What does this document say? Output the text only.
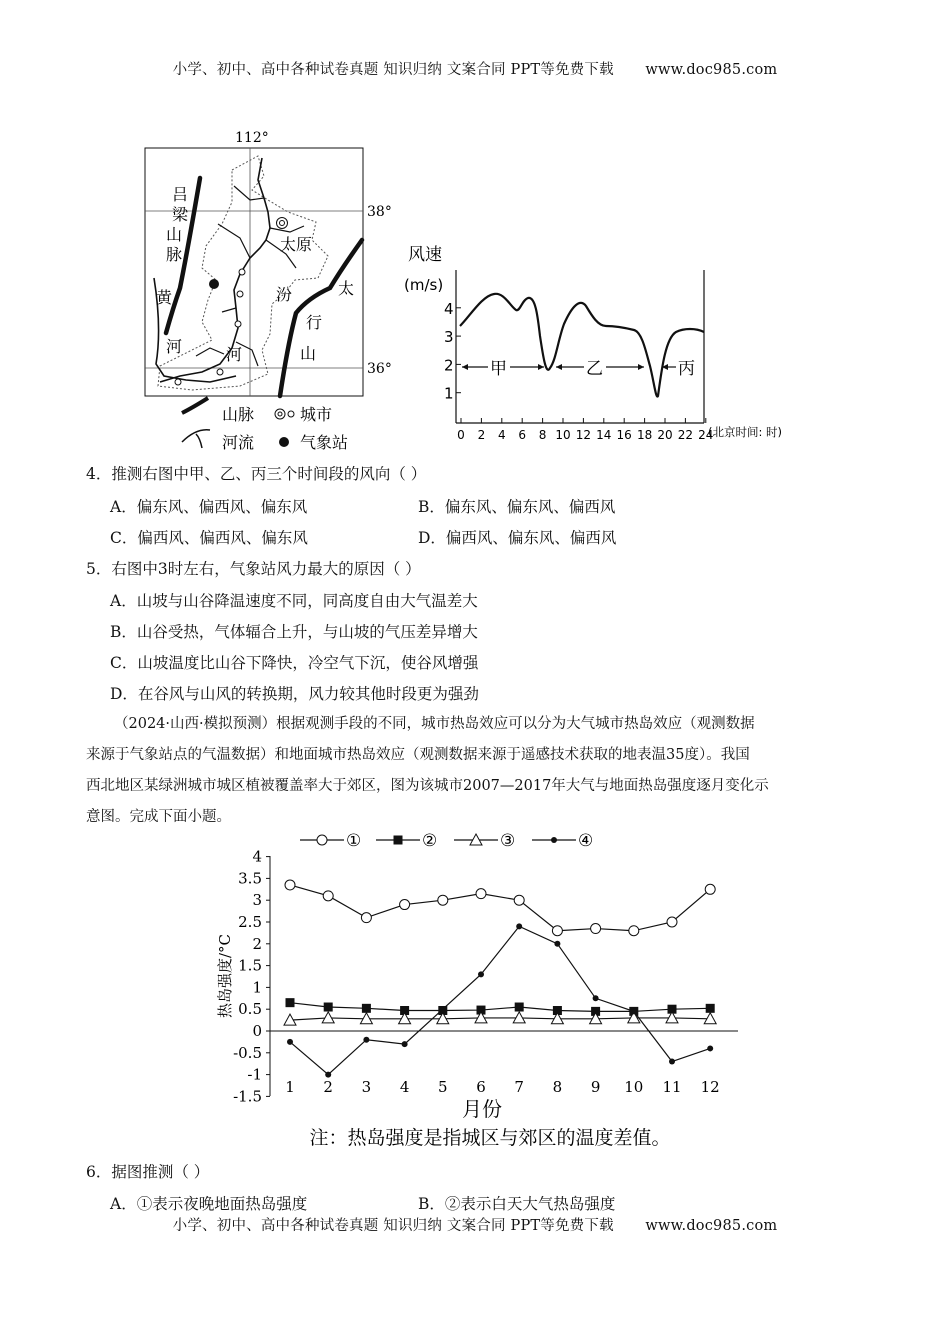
小学、初中、高中各种试卷真题 知识归纳 文案合同 PPT等免费下载 www.doc985.com
112°
38°
36°
吕
梁
山
脉
黄
河
太原
汾
河
太
行
山
山脉	城市
河流	气象站
风速
(m/s)
1
2
3
4
0 2 4 6 8 10 12 14 16 18 20 22 24
甲	乙	丙
(北京时间: 时)
4．推测右图中甲、乙、丙三个时间段的风向（ ）
A．偏东风、偏西风、偏东风	B．偏东风、偏东风、偏西风
C．偏西风、偏西风、偏东风	D．偏西风、偏东风、偏西风
5．右图中3时左右，气象站风力最大的原因（ ）
A．山坡与山谷降温速度不同，同高度自由大气温差大
B．山谷受热，气体辐合上升，与山坡的气压差异增大
C．山坡温度比山谷下降快，冷空气下沉，使谷风增强
D．在谷风与山风的转换期，风力较其他时段更为强劲
（2024·山西·模拟预测）根据观测手段的不同，城市热岛效应可以分为大气城市热岛效应（观测数据
来源于气象站点的气温数据）和地面城市热岛效应（观测数据来源于遥感技术获取的地表温35度）。我国
西北地区某绿洲城市城区植被覆盖率大于郊区，图为该城市2007—2017年大气与地面热岛强度逐月变化示
意图。完成下面小题。
①	②	③	④
4
3.5
3
2.5
2
1.5
1
0.5
0
-0.5
-1
-1.5
1 2 3 4 5 6 7 8 9 10 11 12
热岛强度/°C
月份
注：热岛强度是指城区与郊区的温度差值。
6．据图推测（ ）
A．①表示夜晚地面热岛强度	B．②表示白天大气热岛强度
小学、初中、高中各种试卷真题 知识归纳 文案合同 PPT等免费下载 www.doc985.com
